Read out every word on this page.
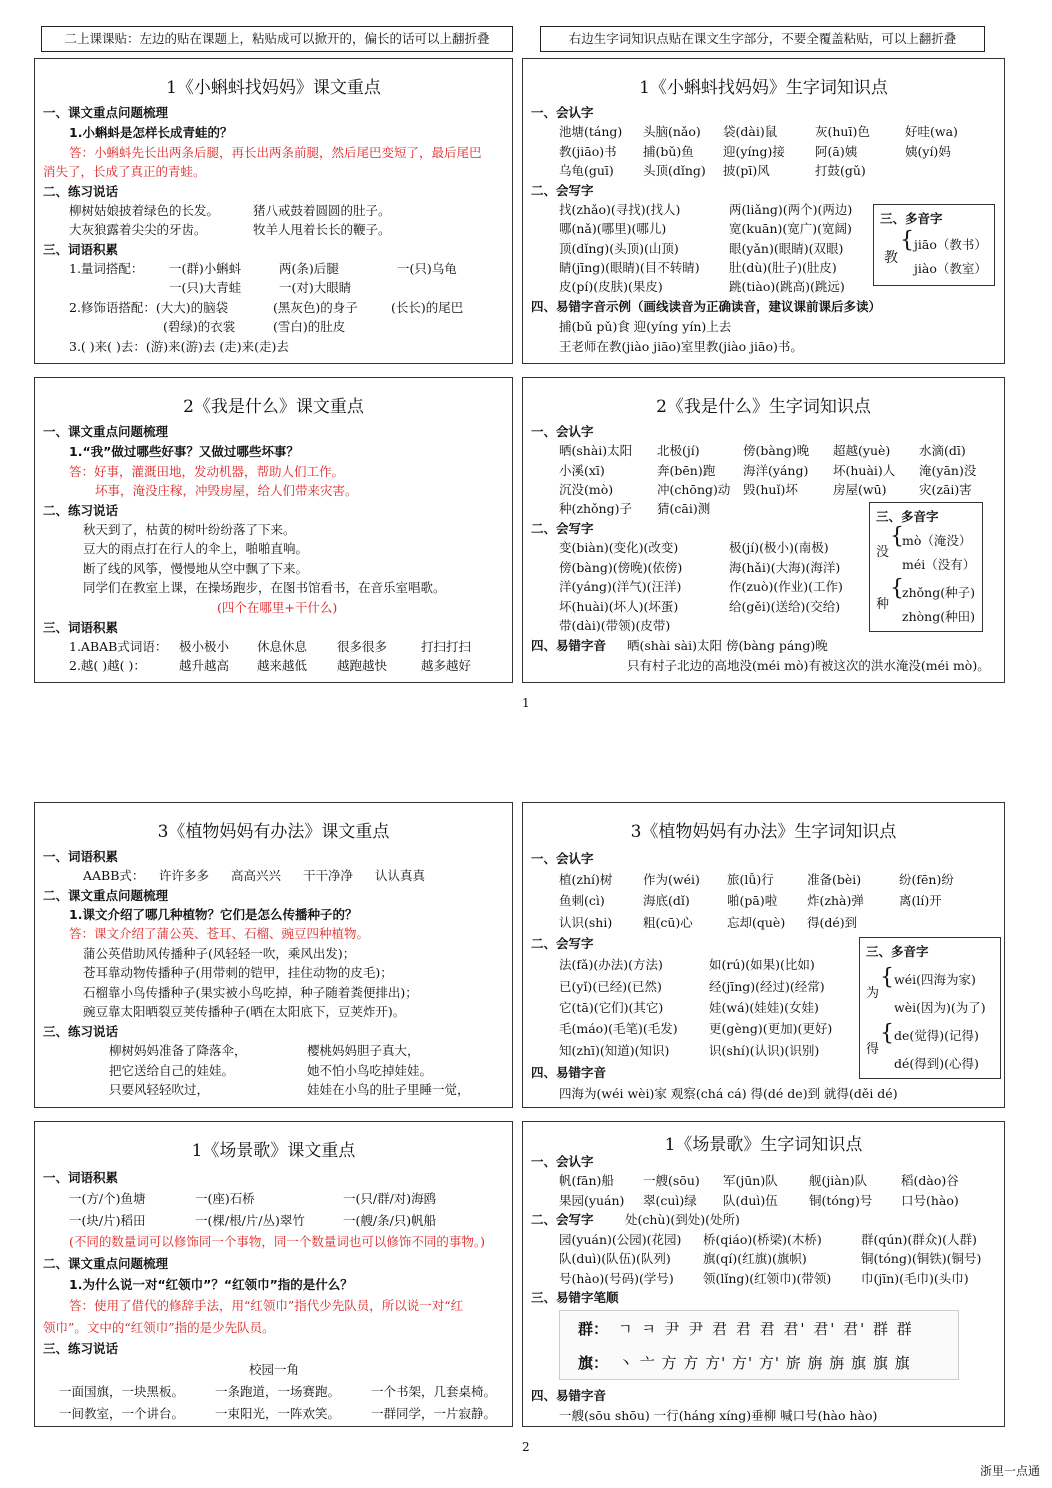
二上课课贴：左边的贴在课题上，粘贴成可以掀开的，偏长的话可以上翻折叠	右边生字词知识点贴在课文生字部分，不要全覆盖粘贴，可以上翻折叠
1《小蝌蚪找妈妈》课文重点
一、课文重点问题梳理
1.小蝌蚪是怎样长成青蛙的？
答：小蝌蚪先长出两条后腿，再长出两条前腿，然后尾巴变短了，最后尾巴
消失了，长成了真正的青蛙。
二、练习说话
柳树姑娘披着绿色的长发。	猪八戒鼓着圆圆的肚子。
大灰狼露着尖尖的牙齿。	牧羊人甩着长长的鞭子。
三、词语积累
1.量词搭配： 一(群)小蝌蚪	两(条)后腿	一(只)乌龟
一(只)大青蛙	一(对)大眼睛
2.修饰语搭配：(大大)的脑袋	(黑灰色)的身子	(长长)的尾巴
(碧绿)的衣裳	(雪白)的肚皮
3.( )来( )去：(游)来(游)去 (走)来(走)去
1《小蝌蚪找妈妈》生字词知识点
一、会认字
池塘(táng) 头脑(nǎo) 袋(dài)鼠	灰(huī)色	好哇(wa)
教(jiāo)书 捕(bǔ)鱼 迎(yíng)接 阿(ā)姨	姨(yí)妈
乌龟(guī) 头顶(dǐng) 披(pī)风	打鼓(gǔ)
二、会写字
找(zhǎo)(寻找)(找人)	两(liǎng)(两个)(两边)
哪(nǎ)(哪里)(哪儿)	宽(kuān)(宽广)(宽阔)
顶(dǐng)(头顶)(山顶)	眼(yǎn)(眼睛)(双眼)
睛(jīng)(眼睛)(目不转睛) 肚(dù)(肚子)(肚皮)
皮(pí)(皮肤)(果皮)	跳(tiào)(跳高)(跳远)
三、多音字
教
{ jiāo（教书）
jiào（教室）
四、易错字音示例（画线读音为正确读音，建议课前课后多读）
捕(bǔ pǔ)食 迎(yíng yín)上去
王老师在教(jiào jiāo)室里教(jiào jiāo)书。
2《我是什么》课文重点
一、课文重点问题梳理
1.“我”做过哪些好事？又做过哪些坏事？
答：好事，灌溉田地，发动机器，帮助人们工作。
坏事，淹没庄稼，冲毁房屋，给人们带来灾害。
二、练习说话
秋天到了，枯黄的树叶纷纷落了下来。
豆大的雨点打在行人的伞上，啪啪直响。
断了线的风筝，慢慢地从空中飘了下来。
同学们在教室上课，在操场跑步，在图书馆看书，在音乐室唱歌。
(四个在哪里+干什么)
三、词语积累
1.ABAB式词语： 极小极小 休息休息 很多很多	打扫打扫
2.越( )越( )：	越升越高 越来越低 越跑越快	越多越好
2《我是什么》生字词知识点
一、会认字
晒(shài)太阳 北极(jí)	傍(bàng)晚 超越(yuè) 水滴(dī)
小溪(xī)	奔(bēn)跑 海洋(yáng) 坏(huài)人 淹(yān)没
沉没(mò)	冲(chōng)动 毁(huǐ)坏	房屋(wū)	灾(zāi)害
种(zhǒng)子 猜(cāi)测
二、会写字
变(biàn)(变化)(改变)	极(jí)(极小)(南极)
傍(bàng)(傍晚)(依傍)	海(hǎi)(大海)(海洋)
洋(yáng)(洋气)(汪洋)	作(zuò)(作业)(工作)
坏(huài)(坏人)(坏蛋)	给(gěi)(送给)(交给)
带(dài)(带领)(皮带)
三、多音字
没
{
mò（淹没）
méi（没有）
种
{
zhǒng(种子)
zhòng(种田)
四、易错字音 晒(shài sài)太阳 傍(bàng páng)晚
只有村子北边的高地没(méi mò)有被这次的洪水淹没(méi mò)。
1
3《植物妈妈有办法》课文重点
一、词语积累
AABB式： 许许多多 高高兴兴 干干净净 认认真真
二、课文重点问题梳理
1.课文介绍了哪几种植物？它们是怎么传播种子的？
答：课文介绍了蒲公英、苍耳、石榴、豌豆四种植物。
蒲公英借助风传播种子(风轻轻一吹，乘风出发)；
苍耳靠动物传播种子(用带刺的铠甲，挂住动物的皮毛)；
石榴靠小鸟传播种子(果实被小鸟吃掉，种子随着粪便排出)；
豌豆靠太阳晒裂豆荚传播种子(晒在太阳底下，豆荚炸开)。
三、练习说话
柳树妈妈准备了降落伞，	樱桃妈妈胆子真大，
把它送给自己的娃娃。	她不怕小鸟吃掉娃娃。
只要风轻轻吹过，	娃娃在小鸟的肚子里睡一觉，
3《植物妈妈有办法》生字词知识点
一、会认字
植(zhí)树 作为(wéi) 旅(lǚ)行	准备(bèi)	纷(fēn)纷
鱼刺(cì)	海底(dǐ)	啪(pā)啦 炸(zhà)弹	离(lí)开
认识(shi) 粗(cū)心	忘却(què) 得(dé)到
二、会写字
法(fǎ)(办法)(方法)	如(rú)(如果)(比如)
已(yǐ)(已经)(已然)	经(jīng)(经过)(经常)
它(tā)(它们)(其它)	娃(wá)(娃娃)(女娃)
毛(máo)(毛笔)(毛发)	更(gèng)(更加)(更好)
知(zhī)(知道)(知识)	识(shí)(认识)(识别)
三、多音字
为
{ wéi(四海为家)
wèi(因为)(为了)
得
{ de(觉得)(记得)
dé(得到)(心得)
四、易错字音
四海为(wéi wèi)家 观察(chá cá) 得(dé de)到 就得(děi dé)
1《场景歌》课文重点
一、词语积累
一(方/个)鱼塘	一(座)石桥	一(只/群/对)海鸥
一(块/片)稻田	一(棵/根/片/丛)翠竹	一(艘/条/只)帆船
(不同的数量词可以修饰同一个事物，同一个数量词也可以修饰不同的事物。)
二、课文重点问题梳理
1.为什么说一对“红领巾”？“红领巾”指的是什么？
答：使用了借代的修辞手法，用“红领巾”指代少先队员，所以说一对“红
领巾”。文中的“红领巾”指的是少先队员。
三、练习说话
校园一角
一面国旗，一块黑板。 一条跑道，一场赛跑。 一个书架，几套桌椅。
一间教室，一个讲台。 一束阳光，一阵欢笑。 一群同学，一片寂静。
1《场景歌》生字词知识点
一、会认字
帆(fān)船 一艘(sōu) 军(jūn)队	舰(jiàn)队	稻(dào)谷
果园(yuán) 翠(cuì)绿 队(duì)伍 铜(tóng)号 口号(hào)
二、会写字	处(chù)(到处)(处所)
园(yuán)(公园)(花园) 桥(qiáo)(桥梁)(木桥)	群(qún)(群众)(人群)
队(duì)(队伍)(队列)	旗(qí)(红旗)(旗帜)	铜(tóng)(铜铁)(铜号)
号(hào)(号码)(学号) 领(lǐng)(红领巾)(带领) 巾(jīn)(毛巾)(头巾)
三、易错字笔顺
群： ㄱ ㅋ 尹 尹 君 君 君 君' 君' 君' 群 群
旗： 丶 亠 方 方 方' 方' 方' 旂 旃 旃 旗 旗 旗
四、易错字音
一艘(sōu shōu) 一行(háng xíng)垂柳 喊口号(hào hào)
2
浙里一点通
